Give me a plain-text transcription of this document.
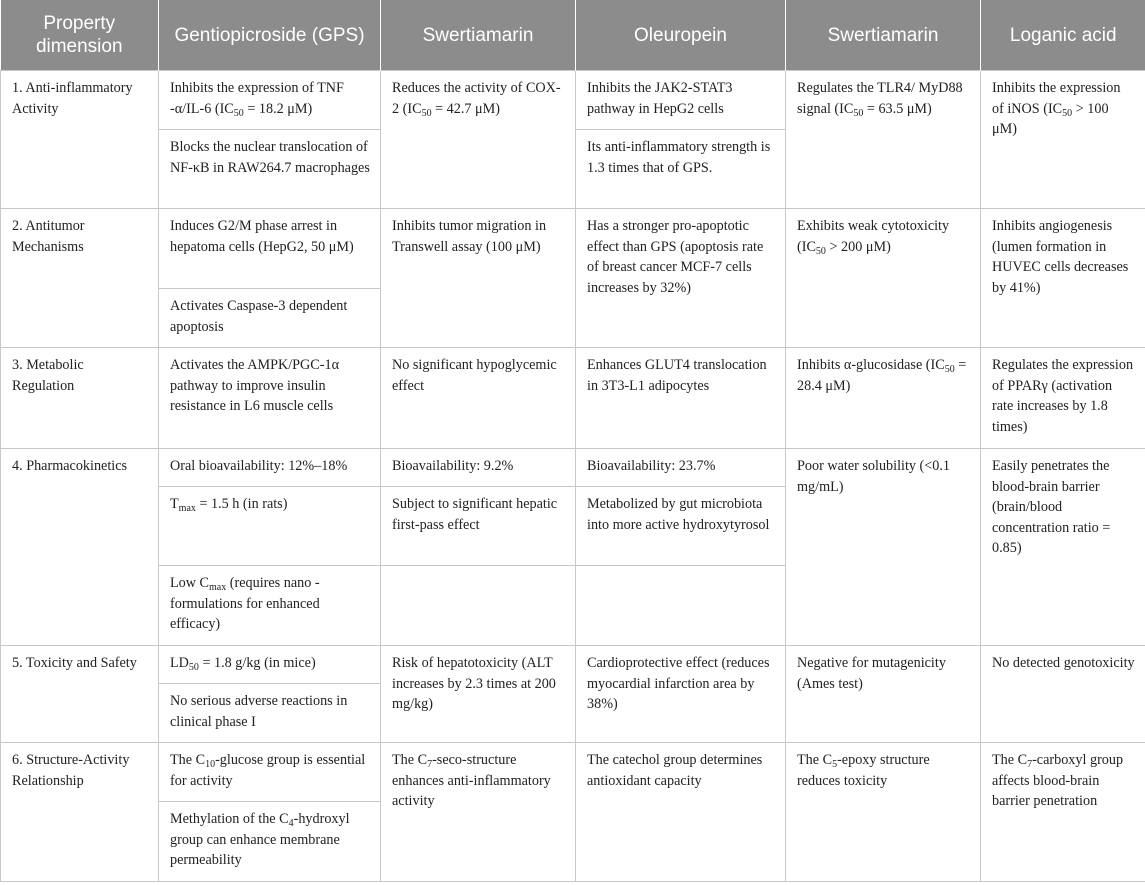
Property dimension	Gentiopicroside (GPS)	Swertiamarin	Oleuropein	Swertiamarin	Loganic acid
1. Anti-inflammatory Activity	Inhibits the expression of TNF -α/IL-6 ($IC_{50} = 18.2$ μM)	Reduces the activity of COX-2 ($IC_{50} = 42.7$ μM)	Inhibits the JAK2-STAT3 pathway in HepG2 cells	Regulates the TLR4/ MyD88 signal ($IC_{50} = 63.5$ μM)	Inhibits the expression of iNOS ($IC_{50} > 100$ μM)
	Blocks the nuclear translocation of NF-κB in RAW264.7 macrophages		Its anti-inflammatory strength is 1.3 times that of GPS.		
2. Antitumor Mechanisms	Induces G2/M phase arrest in hepatoma cells (HepG2, 50 μM)	Inhibits tumor migration in Transwell assay (100 μM)	Has a stronger pro-apoptotic effect than GPS (apoptosis rate of breast cancer MCF-7 cells increases by 32%)	Exhibits weak cytotoxicity ($IC_{50} > 200$ μM)	Inhibits angiogenesis (lumen formation in HUVEC cells decreases by 41%)
	Activates Caspase-3 dependent apoptosis				
3. Metabolic Regulation	Activates the AMPK/PGC-1α pathway to improve insulin resistance in L6 muscle cells	No significant hypoglycemic effect	Enhances GLUT4 translocation in 3T3-L1 adipocytes	Inhibits α-glucosidase ($IC_{50} = 28.4$ μM)	Regulates the expression of PPARγ (activation rate increases by 1.8 times)
4. Pharmacokinetics	Oral bioavailability: 12%–18%	Bioavailability: 9.2%	Bioavailability: 23.7%	Poor water solubility (<0.1 mg/mL)	Easily penetrates the blood-brain barrier (brain/blood concentration ratio = 0.85)
	$T_{max} = 1.5$ h (in rats)	Subject to significant hepatic first-pass effect	Metabolized by gut microbiota into more active hydroxytyrosol		
	Low $C_{max}$ (requires nano -formulations for enhanced efficacy)				
5. Toxicity and Safety	$LD_{50} = 1.8$ g/kg (in mice)	Risk of hepatotoxicity (ALT increases by 2.3 times at 200 mg/kg)	Cardioprotective effect (reduces myocardial infarction area by 38%)	Negative for mutagenicity (Ames test)	No detected genotoxicity
	No serious adverse reactions in clinical phase I				
6. Structure-Activity Relationship	The $C_{10}$-glucose group is essential for activity	The $C_7-\sec o$-structure enhances anti-inflammatory activity	The catechol group determines antioxidant capacity	The $C_5$-epoxy structure reduces toxicity	The $C_7$-carboxyl group affects blood-brain barrier penetration
	Methylation of the $C_4$-hydroxyl group can enhance membrane permeability				
